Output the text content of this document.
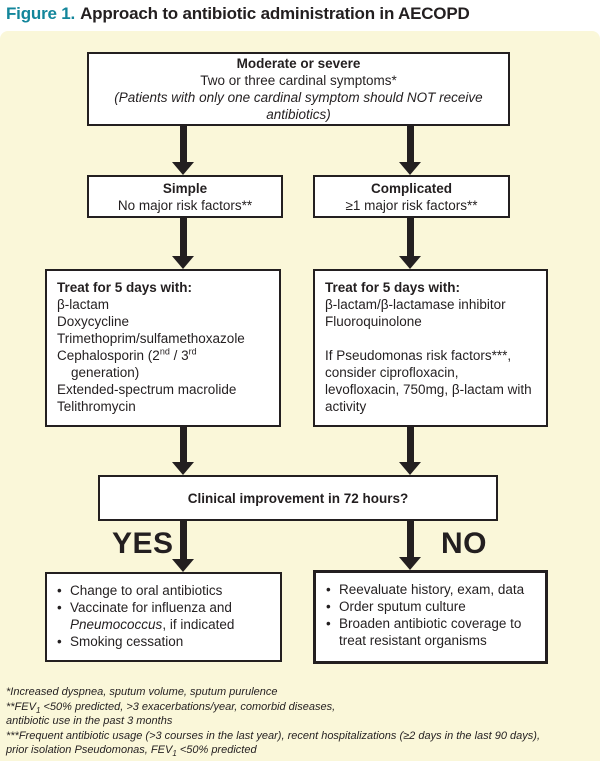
Figure 1. Approach to antibiotic administration in AECOPD
Moderate or severe
Two or three cardinal symptoms*
(Patients with only one cardinal symptom should NOT receive antibiotics)
Simple
No major risk factors**
Complicated
≥1 major risk factors**
Treat for 5 days with:
β-lactam
Doxycycline
Trimethoprim/sulfamethoxazole
Cephalosporin (2nd / 3rd
generation)
Extended-spectrum macrolide
Telithromycin
Treat for 5 days with:
β-lactam/β-lactamase inhibitor
Fluoroquinolone
If Pseudomonas risk factors***, consider ciprofloxacin, levofloxacin, 750mg, β-lactam with activity
Clinical improvement in 72 hours?
YES	NO
• Change to oral antibiotics
• Vaccinate for influenza and Pneumococcus, if indicated
• Smoking cessation
• Reevaluate history, exam, data
• Order sputum culture
• Broaden antibiotic coverage to treat resistant organisms
*Increased dyspnea, sputum volume, sputum purulence
$**FEV_1 <50\%$ predicted, >3 exacerbations/year, comorbid diseases,
antibiotic use in the past 3 months
***Frequent antibiotic usage (>3 courses in the last year), recent hospitalizations (≥2 days in the last 90 days),
prior isolation Pseudomonas, $FEV_1 <50\%$ predicted
